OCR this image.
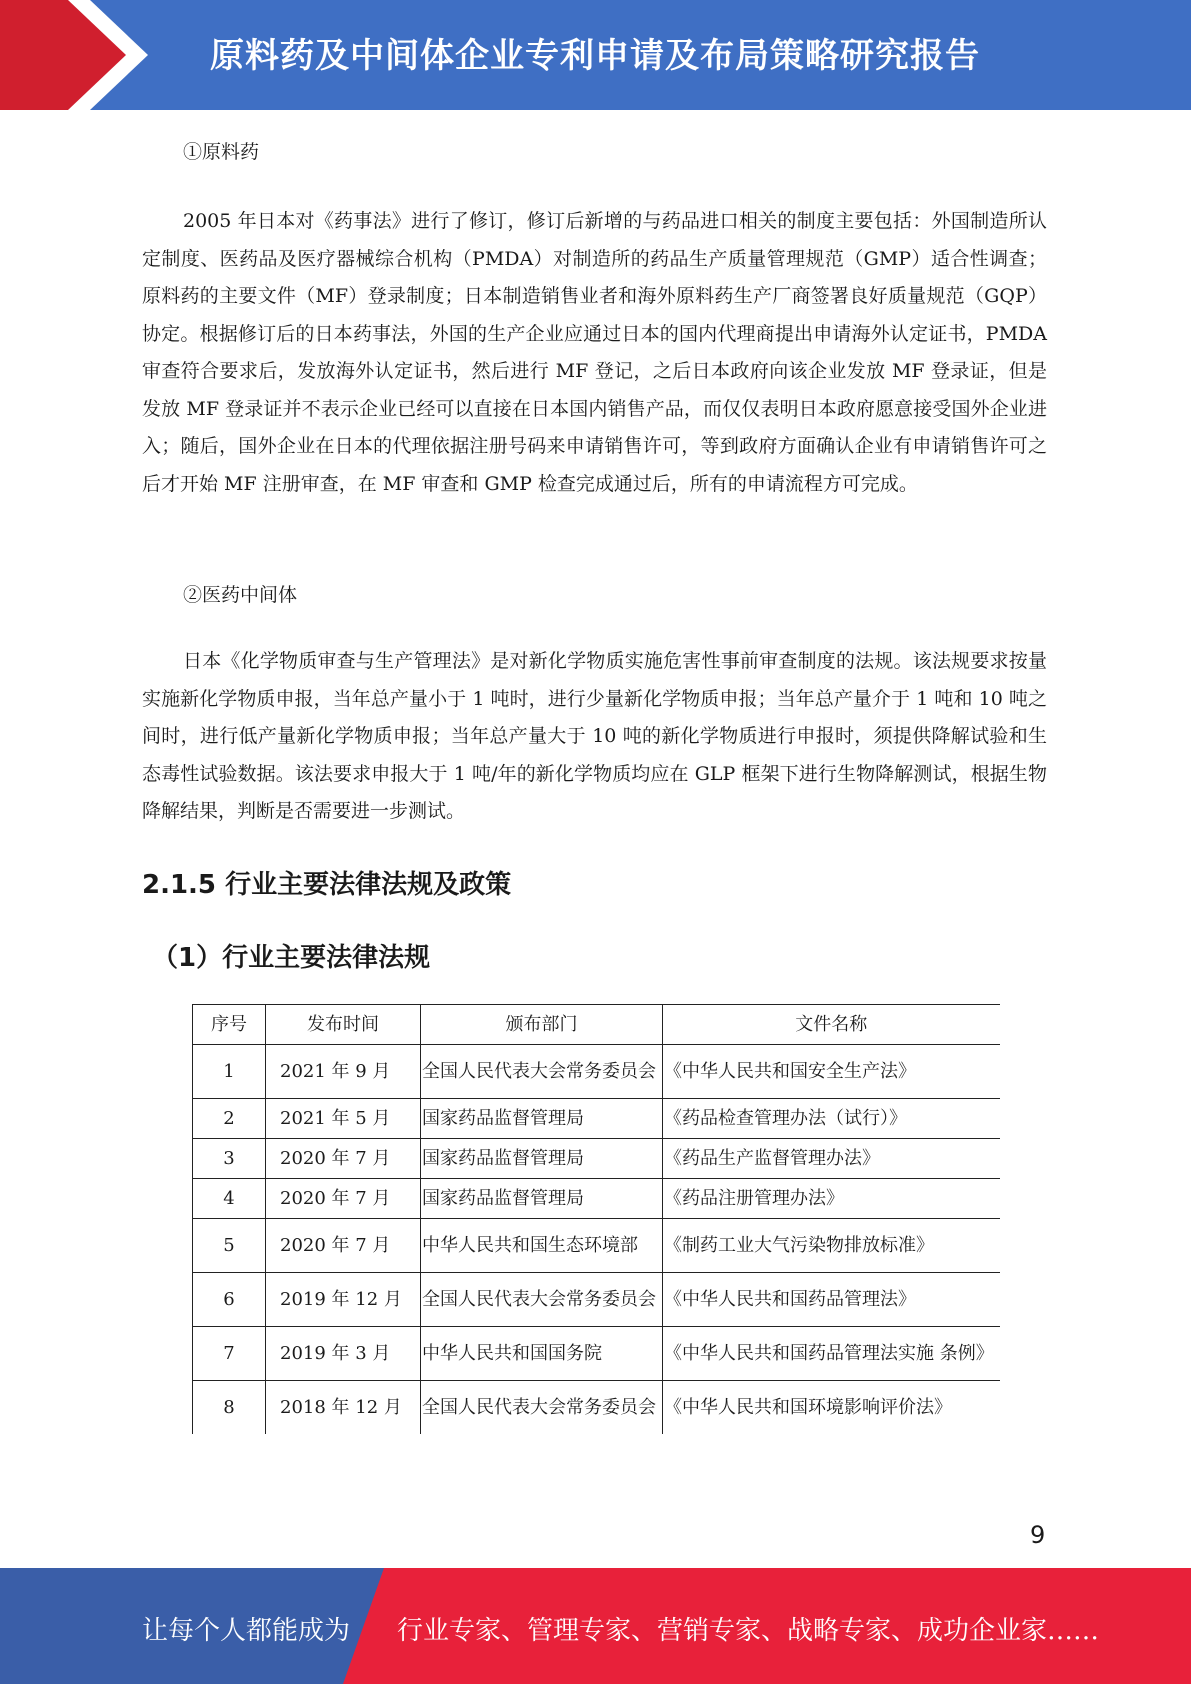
原料药及中间体企业专利申请及布局策略研究报告
①原料药

2005 年日本对《药事法》进行了修订，修订后新增的与药品进口相关的制度主要包括：外国制造所认定制度、医药品及医疗器械综合机构（PMDA）对制造所的药品生产质量管理规范（GMP）适合性调查；原料药的主要文件（MF）登录制度；日本制造销售业者和海外原料药生产厂商签署良好质量规范（GQP）协定。根据修订后的日本药事法，外国的生产企业应通过日本的国内代理商提出申请海外认定证书，PMDA 审查符合要求后，发放海外认定证书，然后进行 MF 登记，之后日本政府向该企业发放 MF 登录证，但是发放 MF 登录证并不表示企业已经可以直接在日本国内销售产品，而仅仅表明日本政府愿意接受国外企业进入；随后，国外企业在日本的代理依据注册号码来申请销售许可，等到政府方面确认企业有申请销售许可之后才开始 MF 注册审查，在 MF 审查和 GMP 检查完成通过后，所有的申请流程方可完成。

②医药中间体

日本《化学物质审查与生产管理法》是对新化学物质实施危害性事前审查制度的法规。该法规要求按量实施新化学物质申报，当年总产量小于 1 吨时，进行少量新化学物质申报；当年总产量介于 1 吨和 10 吨之间时，进行低产量新化学物质申报；当年总产量大于 10 吨的新化学物质进行申报时，须提供降解试验和生态毒性试验数据。该法要求申报大于 1 吨/年的新化学物质均应在 GLP 框架下进行生物降解测试，根据生物降解结果，判断是否需要进一步测试。

2.1.5 行业主要法律法规及政策
（1）行业主要法律法规
序号	发布时间	颁布部门	文件名称
1	2021 年 9 月	全国人民代表大会常务委员会	《中华人民共和国安全生产法》
2	2021 年 5 月	国家药品监督管理局	《药品检查管理办法（试行）》
3	2020 年 7 月	国家药品监督管理局	《药品生产监督管理办法》
4	2020 年 7 月	国家药品监督管理局	《药品注册管理办法》
5	2020 年 7 月	中华人民共和国生态环境部	《制药工业大气污染物排放标准》
6	2019 年 12 月	全国人民代表大会常务委员会	《中华人民共和国药品管理法》
7	2019 年 3 月	中华人民共和国国务院	《中华人民共和国药品管理法实施 条例》
8	2018 年 12 月	全国人民代表大会常务委员会	《中华人民共和国环境影响评价法》
9
让每个人都能成为 行业专家、管理专家、营销专家、战略专家、成功企业家……
